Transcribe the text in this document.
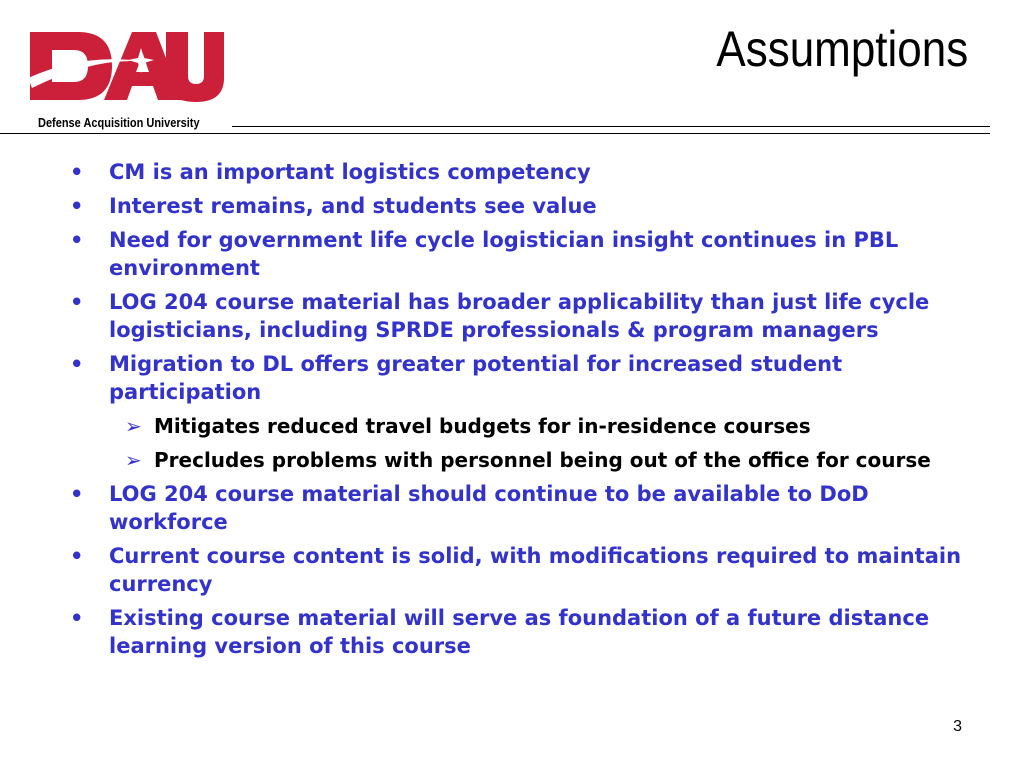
Defense Acquisition University
Assumptions
• CM is an important logistics competency
• Interest remains, and students see value
• Need for government life cycle logistician insight continues in PBL environment
• LOG 204 course material has broader applicability than just life cycle logisticians, including SPRDE professionals & program managers
• Migration to DL offers greater potential for increased student participation
➢ Mitigates reduced travel budgets for in-residence courses
➢ Precludes problems with personnel being out of the office for course
• LOG 204 course material should continue to be available to DoD workforce
• Current course content is solid, with modifications required to maintain currency
• Existing course material will serve as foundation of a future distance learning version of this course
3
